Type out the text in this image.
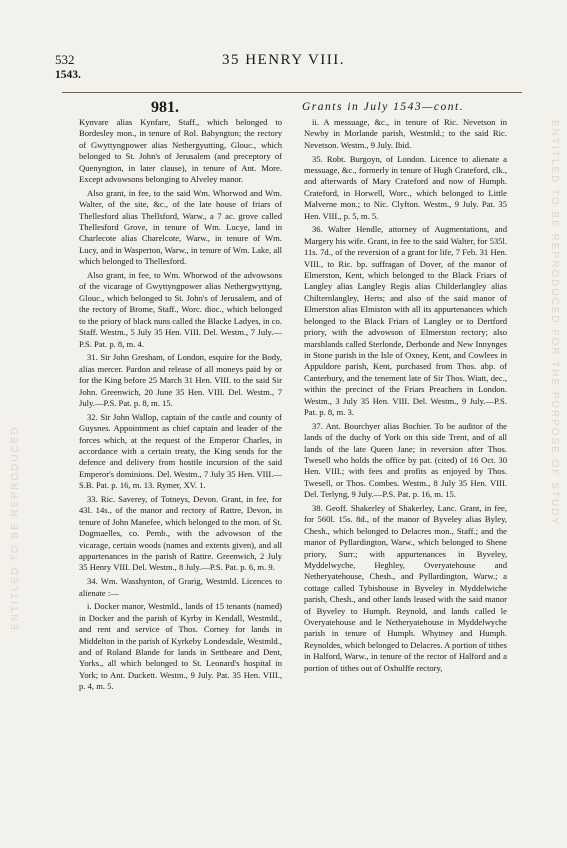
532	35 HENRY VIII.
1543.
981.	Grants in July 1543—cont.

Kynvare alias Kynfare, Staff., which belonged to Bordesley mon., in tenure of Rol. Babyngton; the rectory of Gwyttyngpower alias Nethergyutting, Glouc., which belonged to St. John's of Jerusalem (and preceptory of Quenyngton, in later clause), in tenure of Ant. More. Except advowsons belonging to Alveley manor.

Also grant, in fee, to the said Wm. Whorwod and Wm. Walter, of the site, &c., of the late house of friars of Thellesford alias Thellsford, Warw., a 7 ac. grove called Thellesford Grove, in tenure of Wm. Lucye, land in Charlecote alias Charelcote, Warw., in tenure of Wm. Lucy, and in Wasperton, Warw., in tenure of Wm. Lake, all which belonged to Thellesford.

Also grant, in fee, to Wm. Whorwod of the advowsons of the vicarage of Gwyttyngpower alias Nethergwyttyng, Glouc., which belonged to St. John's of Jerusalem, and of the rectory of Brome, Staff., Worc. dioc., which belonged to the priory of black nuns called the Blacke Ladyes, in co. Staff. Westm., 5 July 35 Hen. VIII. Del. Westm., 7 July.—P.S. Pat. p. 8, m. 4.

31. Sir John Gresham, of London, esquire for the Body, alias mercer. Pardon and release of all moneys paid by or for the King before 25 March 31 Hen. VIII. to the said Sir John. Greenwich, 20 June 35 Hen. VIII. Del. Westm., 7 July.—P.S. Pat. p. 8, m. 15.

32. Sir John Wallop, captain of the castle and county of Guysnes. Appointment as chief captain and leader of the forces which, at the request of the Emperor Charles, in accordance with a certain treaty, the King sends for the defence and delivery from hostile incursion of the said Emperor's dominions. Del. Westm., 7 July 35 Hen. VIII.—S.B. Pat. p. 16, m. 13. Rymer, XV. 1.

33. Ric. Saverey, of Totneys, Devon. Grant, in fee, for 43l. 14s., of the manor and rectory of Rattre, Devon, in tenure of John Manefee, which belonged to the mon. of St. Dogmaelles, co. Pemb., with the advowson of the vicarage, certain woods (names and extents given), and all appurtenances in the parish of Rattre. Greenwich, 2 July 35 Henry VIII. Del. Westm., 8 July.—P.S. Pat. p. 6, m. 9.

34. Wm. Wasshynton, of Grarig, Westmld. Licences to alienate :—

i. Docker manor, Westmld., lands of 15 tenants (named) in Docker and the parish of Kyrby in Kendall, Westmld., and rent and service of Thos. Corney for lands in Middelton in the parish of Kyrkeby Londesdale, Westmld., and of Roland Blande for lands in Settbeare and Dent, Yorks., all which belonged to St. Leonard's hospital in York; to Ant. Duckett. Westm., 9 July. Pat. 35 Hen. VIII., p. 4, m. 5.

ii. A messuage, &c., in tenure of Ric. Nevetson in Newby in Morlande parish, Westmld.; to the said Ric. Nevetson. Westm., 9 July. Ibid.

35. Robt. Burgoyn, of London. Licence to alienate a messuage, &c., formerly in tenure of Hugh Crateford, clk., and afterwards of Mary Crateford and now of Humph. Crateford, in Horwell, Worc., which belonged to Little Malverne mon.; to Nic. Clyfton. Westm., 9 July. Pat. 35 Hen. VIII., p. 5, m. 5.

36. Walter Hendle, attorney of Augmentations, and Margery his wife. Grant, in fee to the said Walter, for 535l. 11s. 7d., of the reversion of a grant for life, 7 Feb. 31 Hen. VIII., to Ric. bp. suffragan of Dover, of the manor of Elmerston, Kent, which belonged to the Black Friars of Langley alias Langley Regis alias Childerlangley alias Chilternlangley, Herts; and also of the said manor of Elmerston alias Elmiston with all its appurtenances which belonged to the Black Friars of Langley or to Dertford priory, with the advowson of Elmerston rectory; also marshlands called Sterlonde, Derbonde and New Innynges in Stone parish in the Isle of Oxney, Kent, and Cowlees in Appuldore parish, Kent, purchased from Thos. abp. of Canterbury, and the tenement late of Sir Thos. Wiatt, dec., within the precinct of the Friars Preachers in London. Westm., 3 July 35 Hen. VIII. Del. Westm., 9 July.—P.S. Pat. p. 8, m. 3.

37. Ant. Bourchyer alias Bochier. To be auditor of the lands of the duchy of York on this side Trent, and of all lands of the late Queen Jane; in reversion after Thos. Twesell who holds the office by pat. (cited) of 16 Oct. 30 Hen. VIII.; with fees and profits as enjoyed by Thos. Twesell, or Thos. Combes. Westm., 8 July 35 Hen. VIII. Del. Terlyng, 9 July.—P.S. Pat. p. 16, m. 15.

38. Geoff. Shakerley of Shakerley, Lanc. Grant, in fee, for 560l. 15s. 8d., of the manor of Byveley alias Byley, Chesh., which belonged to Delacres mon., Staff.; and the manor of Pyllardington, Warw., which belonged to Shene priory, Surr.; with appurtenances in Byveley, Myddelwyche, Heghley, Overyatehouse and Netheryatehouse, Chesh., and Pyllardington, Warw.; a cottage called Tybishouse in Byveley in Myddelwiche parish, Chesh., and other lands leased with the said manor of Byveley to Humph. Reynold, and lands called le Overyatehouse and le Netheryatehouse in Myddelwyche parish in tenure of Humph. Whytney and Humph. Reynoldes, which belonged to Delacres. A portion of tithes in Halford, Warw., in tenure of the rector of Halford and a portion of tithes out of Oxhulffe rectory,

ENTITLED TO BE REPRODUCED
ENTITLED TO BE REPRODUCED FOR THE PURPOSE OF STUDY
